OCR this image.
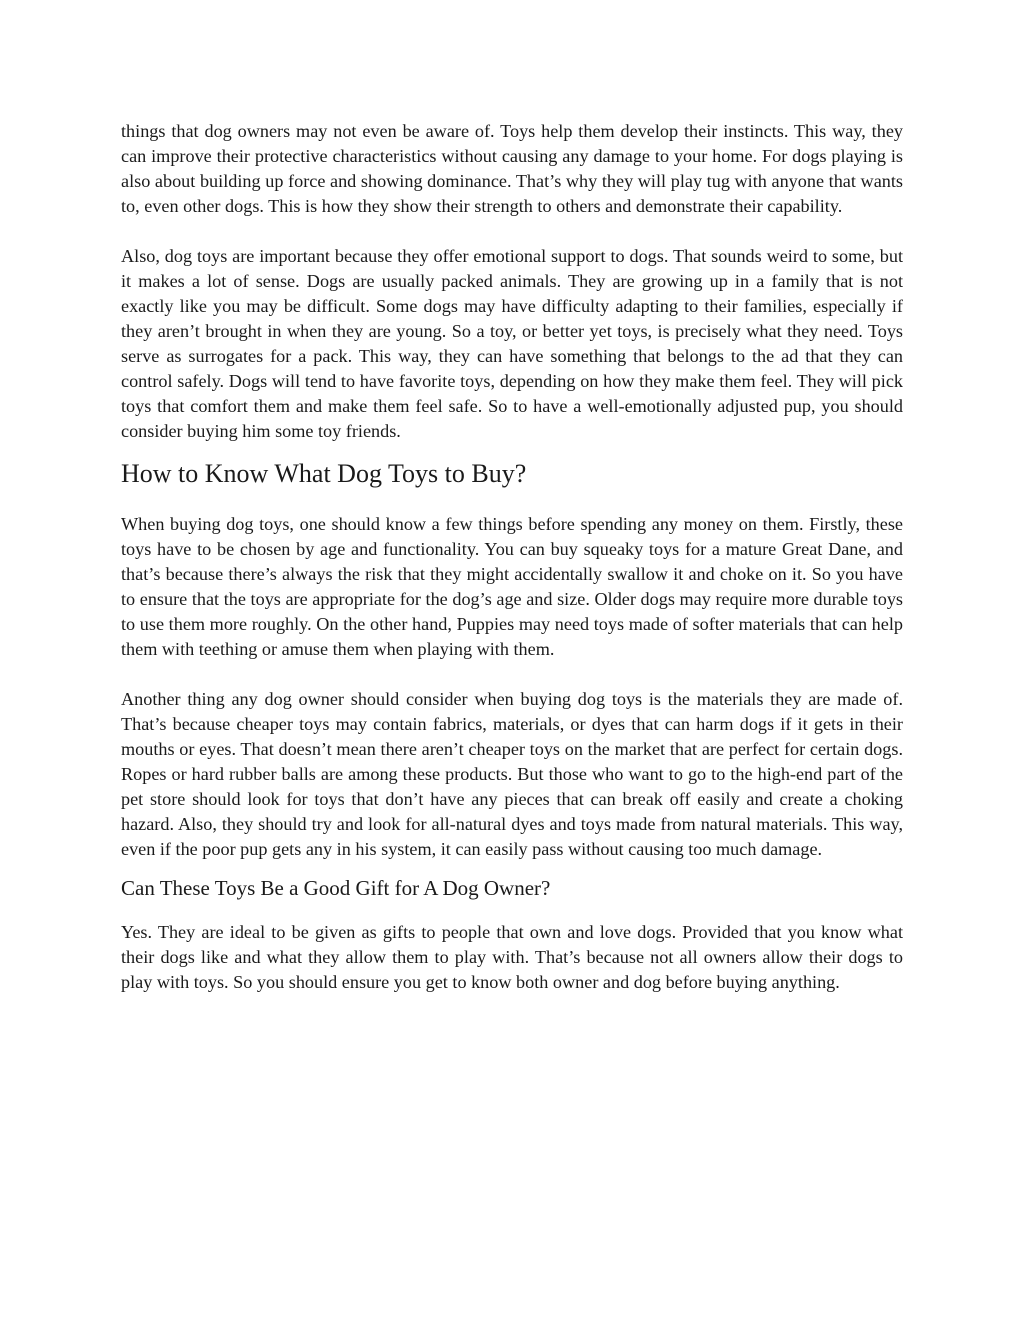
things that dog owners may not even be aware of. Toys help them develop their instincts. This way, they can improve their protective characteristics without causing any damage to your home. For dogs playing is also about building up force and showing dominance. That’s why they will play tug with anyone that wants to, even other dogs. This is how they show their strength to others and demonstrate their capability.

Also, dog toys are important because they offer emotional support to dogs. That sounds weird to some, but it makes a lot of sense. Dogs are usually packed animals. They are growing up in a family that is not exactly like you may be difficult. Some dogs may have difficulty adapting to their families, especially if they aren’t brought in when they are young. So a toy, or better yet toys, is precisely what they need. Toys serve as surrogates for a pack. This way, they can have something that belongs to the ad that they can control safely. Dogs will tend to have favorite toys, depending on how they make them feel. They will pick toys that comfort them and make them feel safe. So to have a well-emotionally adjusted pup, you should consider buying him some toy friends.

How to Know What Dog Toys to Buy?

When buying dog toys, one should know a few things before spending any money on them. Firstly, these toys have to be chosen by age and functionality. You can buy squeaky toys for a mature Great Dane, and that’s because there’s always the risk that they might accidentally swallow it and choke on it. So you have to ensure that the toys are appropriate for the dog’s age and size. Older dogs may require more durable toys to use them more roughly. On the other hand, Puppies may need toys made of softer materials that can help them with teething or amuse them when playing with them.

Another thing any dog owner should consider when buying dog toys is the materials they are made of. That’s because cheaper toys may contain fabrics, materials, or dyes that can harm dogs if it gets in their mouths or eyes. That doesn’t mean there aren’t cheaper toys on the market that are perfect for certain dogs. Ropes or hard rubber balls are among these products. But those who want to go to the high-end part of the pet store should look for toys that don’t have any pieces that can break off easily and create a choking hazard. Also, they should try and look for all-natural dyes and toys made from natural materials. This way, even if the poor pup gets any in his system, it can easily pass without causing too much damage.

Can These Toys Be a Good Gift for A Dog Owner?

Yes. They are ideal to be given as gifts to people that own and love dogs. Provided that you know what their dogs like and what they allow them to play with. That’s because not all owners allow their dogs to play with toys. So you should ensure you get to know both owner and dog before buying anything.
